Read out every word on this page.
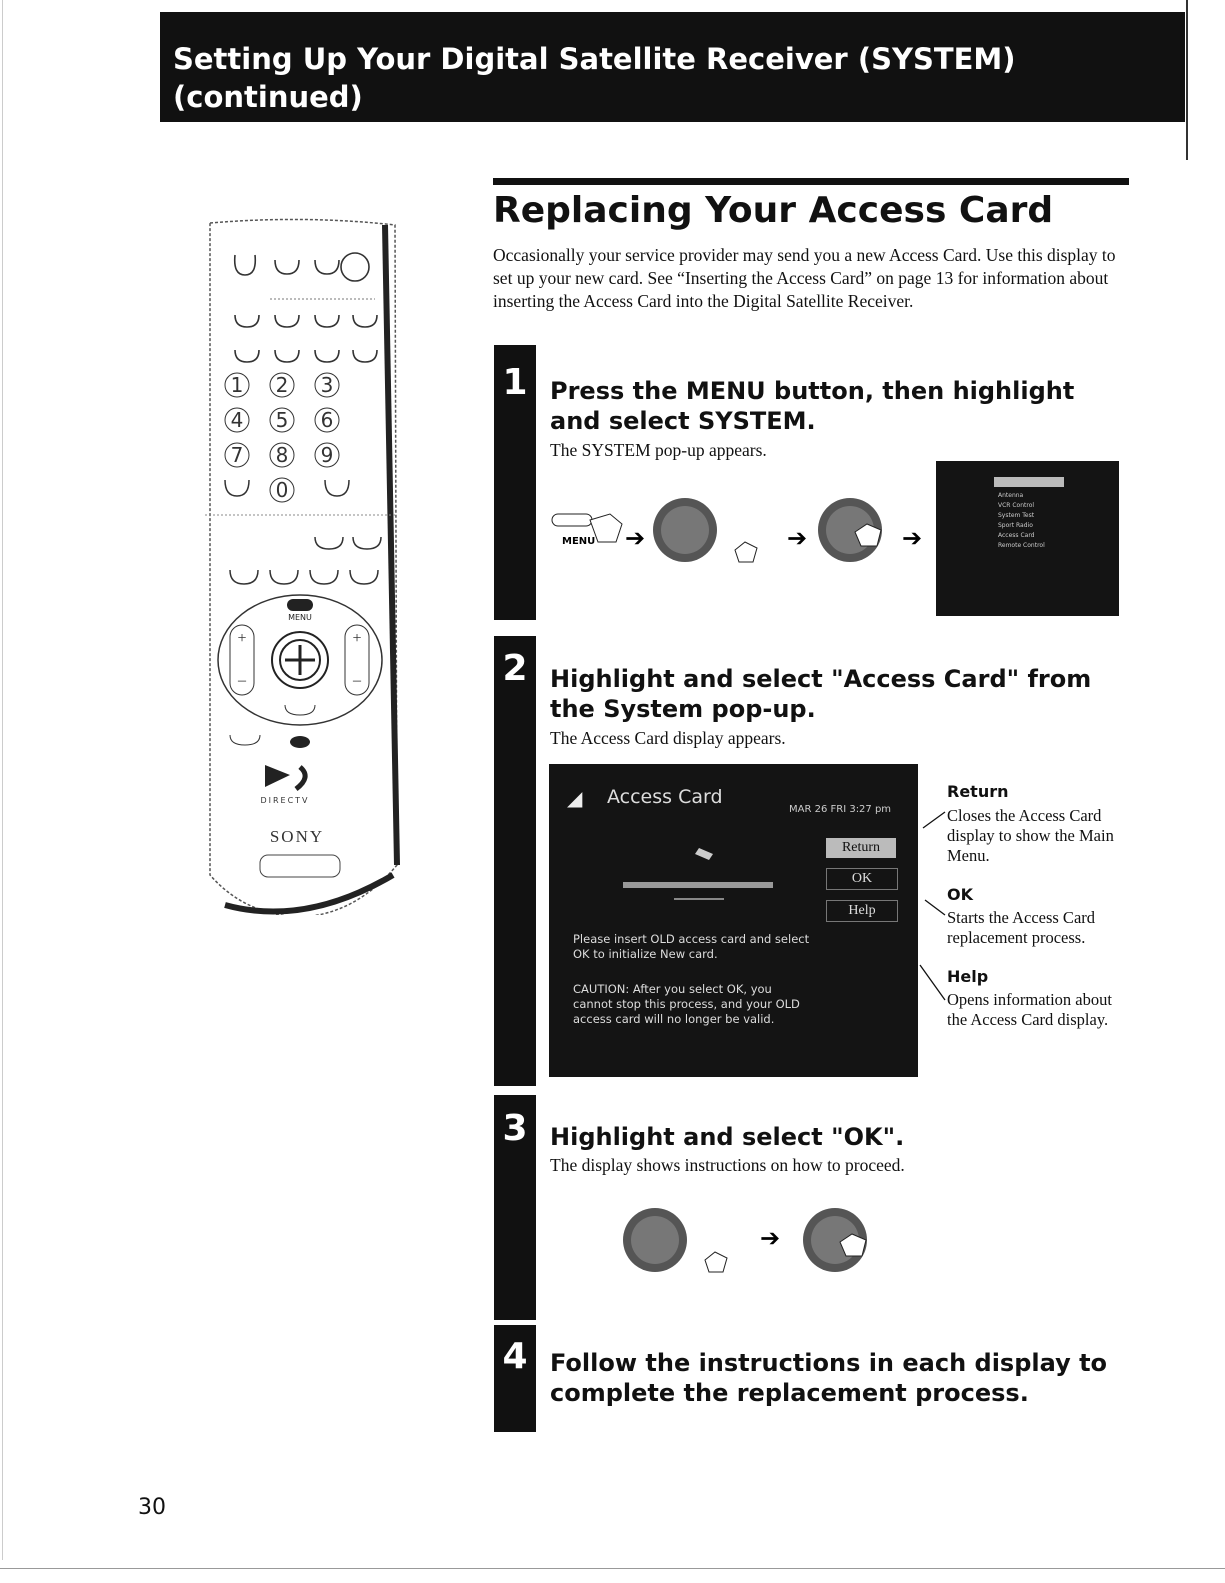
Setting Up Your Digital Satellite Receiver (SYSTEM)
(continued)
1 2 3
4 5 6
7 8 9
0
MENU
+	+
–	–
DIRECTV
SONY
Replacing Your Access Card
Occasionally your service provider may send you a new Access Card. Use this display to set up your new card. See “Inserting the Access Card” on page 13 for information about inserting the Access Card into the Digital Satellite Receiver.
1 Press the MENU button, then highlight and select SYSTEM.
The SYSTEM pop-up appears.
MENU ➔	➔	➔
Antenna
VCR Control
System Test
Sport Radio
Access Card
Remote Control
2 Highlight and select "Access Card" from the System pop-up.
The Access Card display appears.
◢ Access Card
MAR 26 FRI 3:27 pm
Return
OK
Help
Please insert OLD access card and select OK to initialize New card.
CAUTION: After you select OK, you cannot stop this process, and your OLD access card will no longer be valid.
Return
Closes the Access Card display to show the Main Menu.
OK
Starts the Access Card replacement process.
Help
Opens information about the Access Card display.
3 Highlight and select "OK".
The display shows instructions on how to proceed.
➔
4 Follow the instructions in each display to complete the replacement process.
30
